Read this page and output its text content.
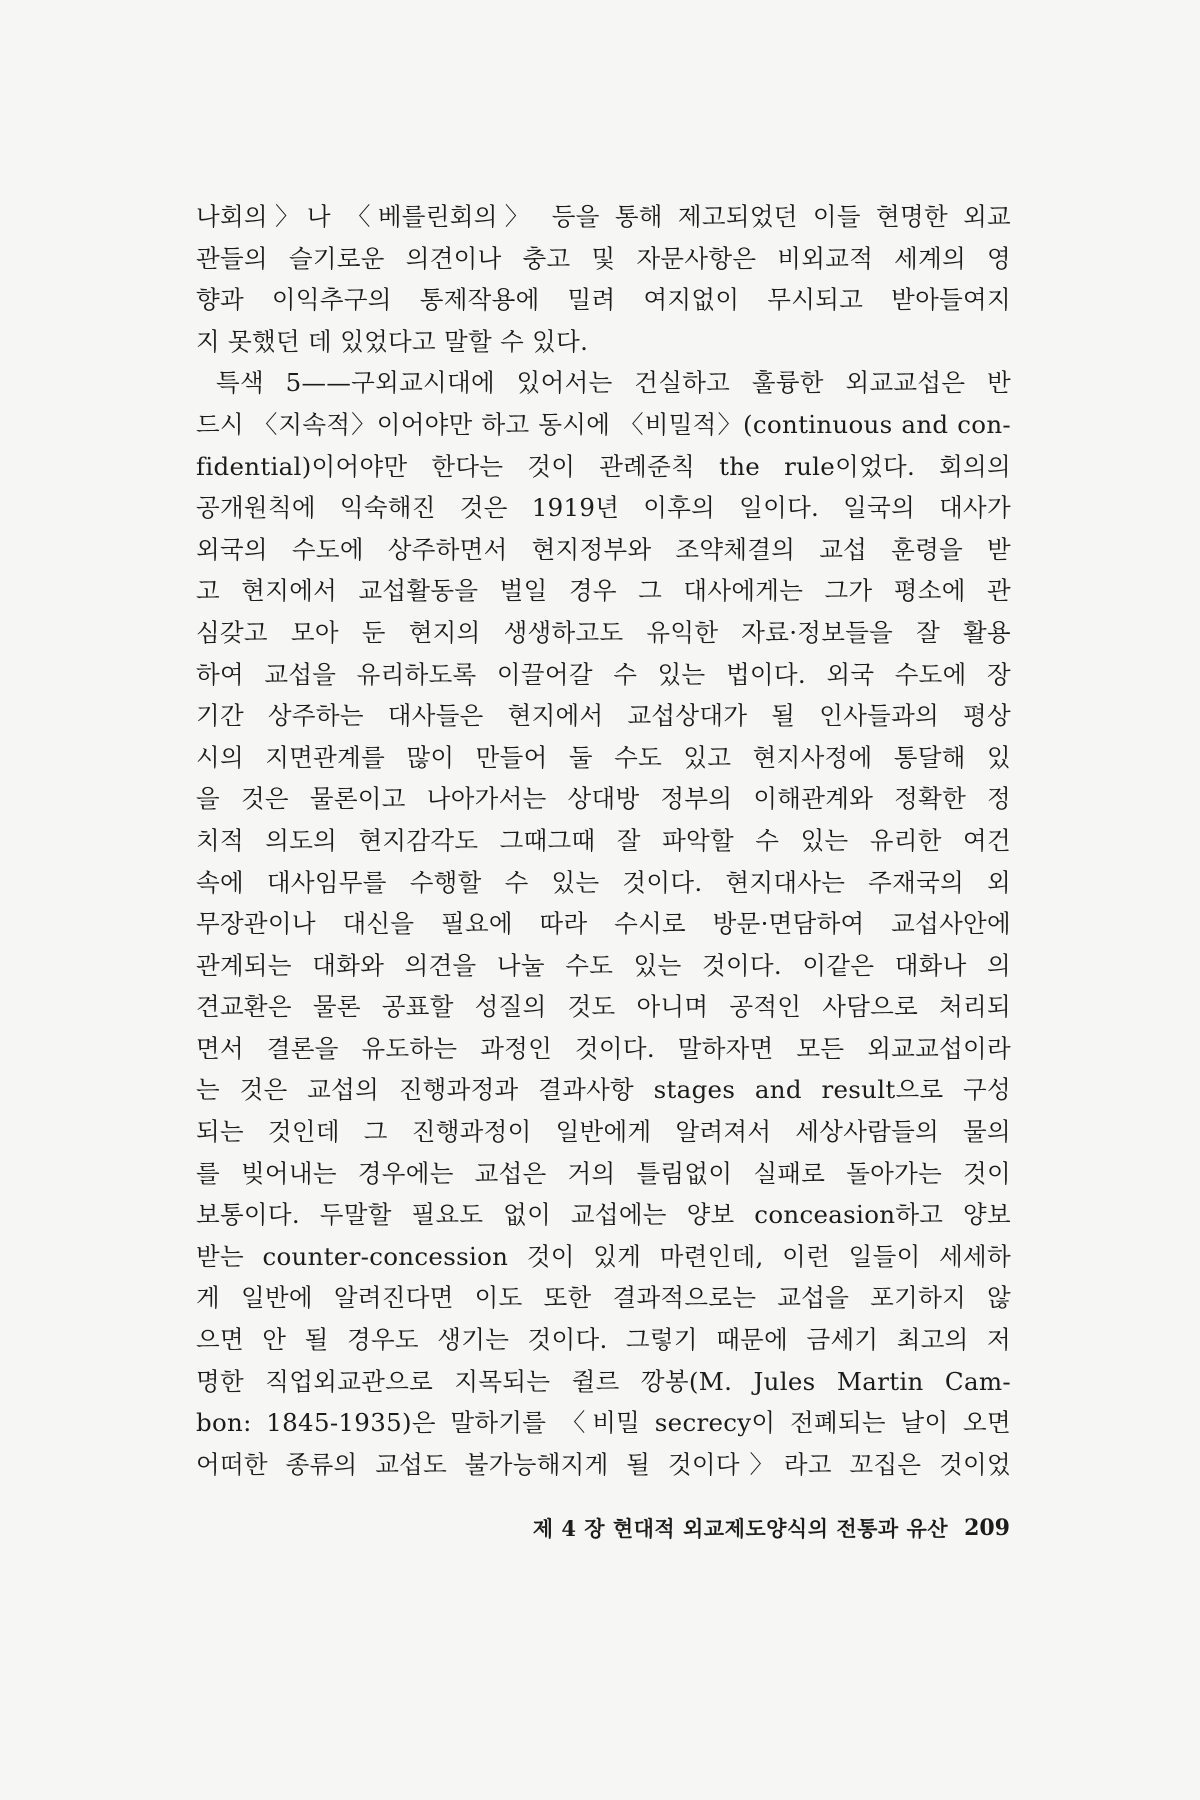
나회의〉나 〈베를린회의〉 등을 통해 제고되었던 이들 현명한 외교
관들의 슬기로운 의견이나 충고 및 자문사항은 비외교적 세계의 영
향과 이익추구의 통제작용에 밀려 여지없이 무시되고 받아들여지
지 못했던 데 있었다고 말할 수 있다.
특색 5——구외교시대에 있어서는 건실하고 훌륭한 외교교섭은 반
드시 〈지속적〉이어야만 하고 동시에 〈비밀적〉(continuous and con-
fidential)이어야만 한다는 것이 관례준칙 the rule이었다. 회의의
공개원칙에 익숙해진 것은 1919년 이후의 일이다. 일국의 대사가
외국의 수도에 상주하면서 현지정부와 조약체결의 교섭 훈령을 받
고 현지에서 교섭활동을 벌일 경우 그 대사에게는 그가 평소에 관
심갖고 모아 둔 현지의 생생하고도 유익한 자료·정보들을 잘 활용
하여 교섭을 유리하도록 이끌어갈 수 있는 법이다. 외국 수도에 장
기간 상주하는 대사들은 현지에서 교섭상대가 될 인사들과의 평상
시의 지면관계를 많이 만들어 둘 수도 있고 현지사정에 통달해 있
을 것은 물론이고 나아가서는 상대방 정부의 이해관계와 정확한 정
치적 의도의 현지감각도 그때그때 잘 파악할 수 있는 유리한 여건
속에 대사임무를 수행할 수 있는 것이다. 현지대사는 주재국의 외
무장관이나 대신을 필요에 따라 수시로 방문·면담하여 교섭사안에
관계되는 대화와 의견을 나눌 수도 있는 것이다. 이같은 대화나 의
견교환은 물론 공표할 성질의 것도 아니며 공적인 사담으로 처리되
면서 결론을 유도하는 과정인 것이다. 말하자면 모든 외교교섭이라
는 것은 교섭의 진행과정과 결과사항 stages and result으로 구성
되는 것인데 그 진행과정이 일반에게 알려져서 세상사람들의 물의
를 빚어내는 경우에는 교섭은 거의 틀림없이 실패로 돌아가는 것이
보통이다. 두말할 필요도 없이 교섭에는 양보 conceasion하고 양보
받는 counter-concession 것이 있게 마련인데, 이런 일들이 세세하
게 일반에 알려진다면 이도 또한 결과적으로는 교섭을 포기하지 않
으면 안 될 경우도 생기는 것이다. 그렇기 때문에 금세기 최고의 저
명한 직업외교관으로 지목되는 쥘르 깡봉(M. Jules Martin Cam-
bon: 1845-1935)은 말하기를 〈비밀 secrecy이 전폐되는 날이 오면
어떠한 종류의 교섭도 불가능해지게 될 것이다〉라고 꼬집은 것이었
제 4 장 현대적 외교제도양식의 전통과 유산 209
